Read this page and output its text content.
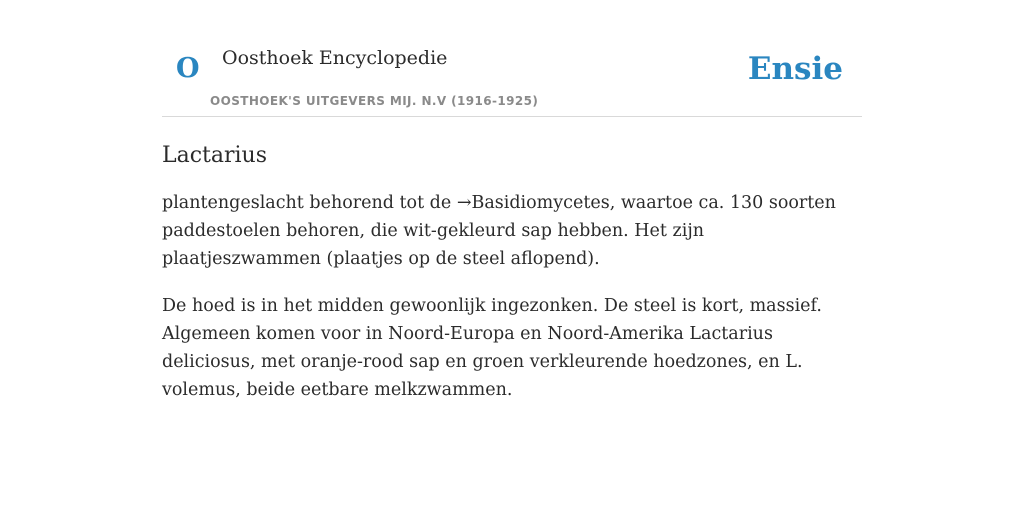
O Oosthoek Encyclopedie
OOSTHOEK'S UITGEVERS MIJ. N.V (1916-1925)
Ensie
Lactarius

plantengeslacht behorend tot de →Basidiomycetes, waartoe ca. 130 soorten paddestoelen behoren, die wit-gekleurd sap hebben. Het zijn plaatjeszwammen (plaatjes op de steel aflopend).

De hoed is in het midden gewoonlijk ingezonken. De steel is kort, massief. Algemeen komen voor in Noord-Europa en Noord-Amerika Lactarius deliciosus, met oranje-rood sap en groen verkleurende hoedzones, en L. volemus, beide eetbare melkzwammen.
